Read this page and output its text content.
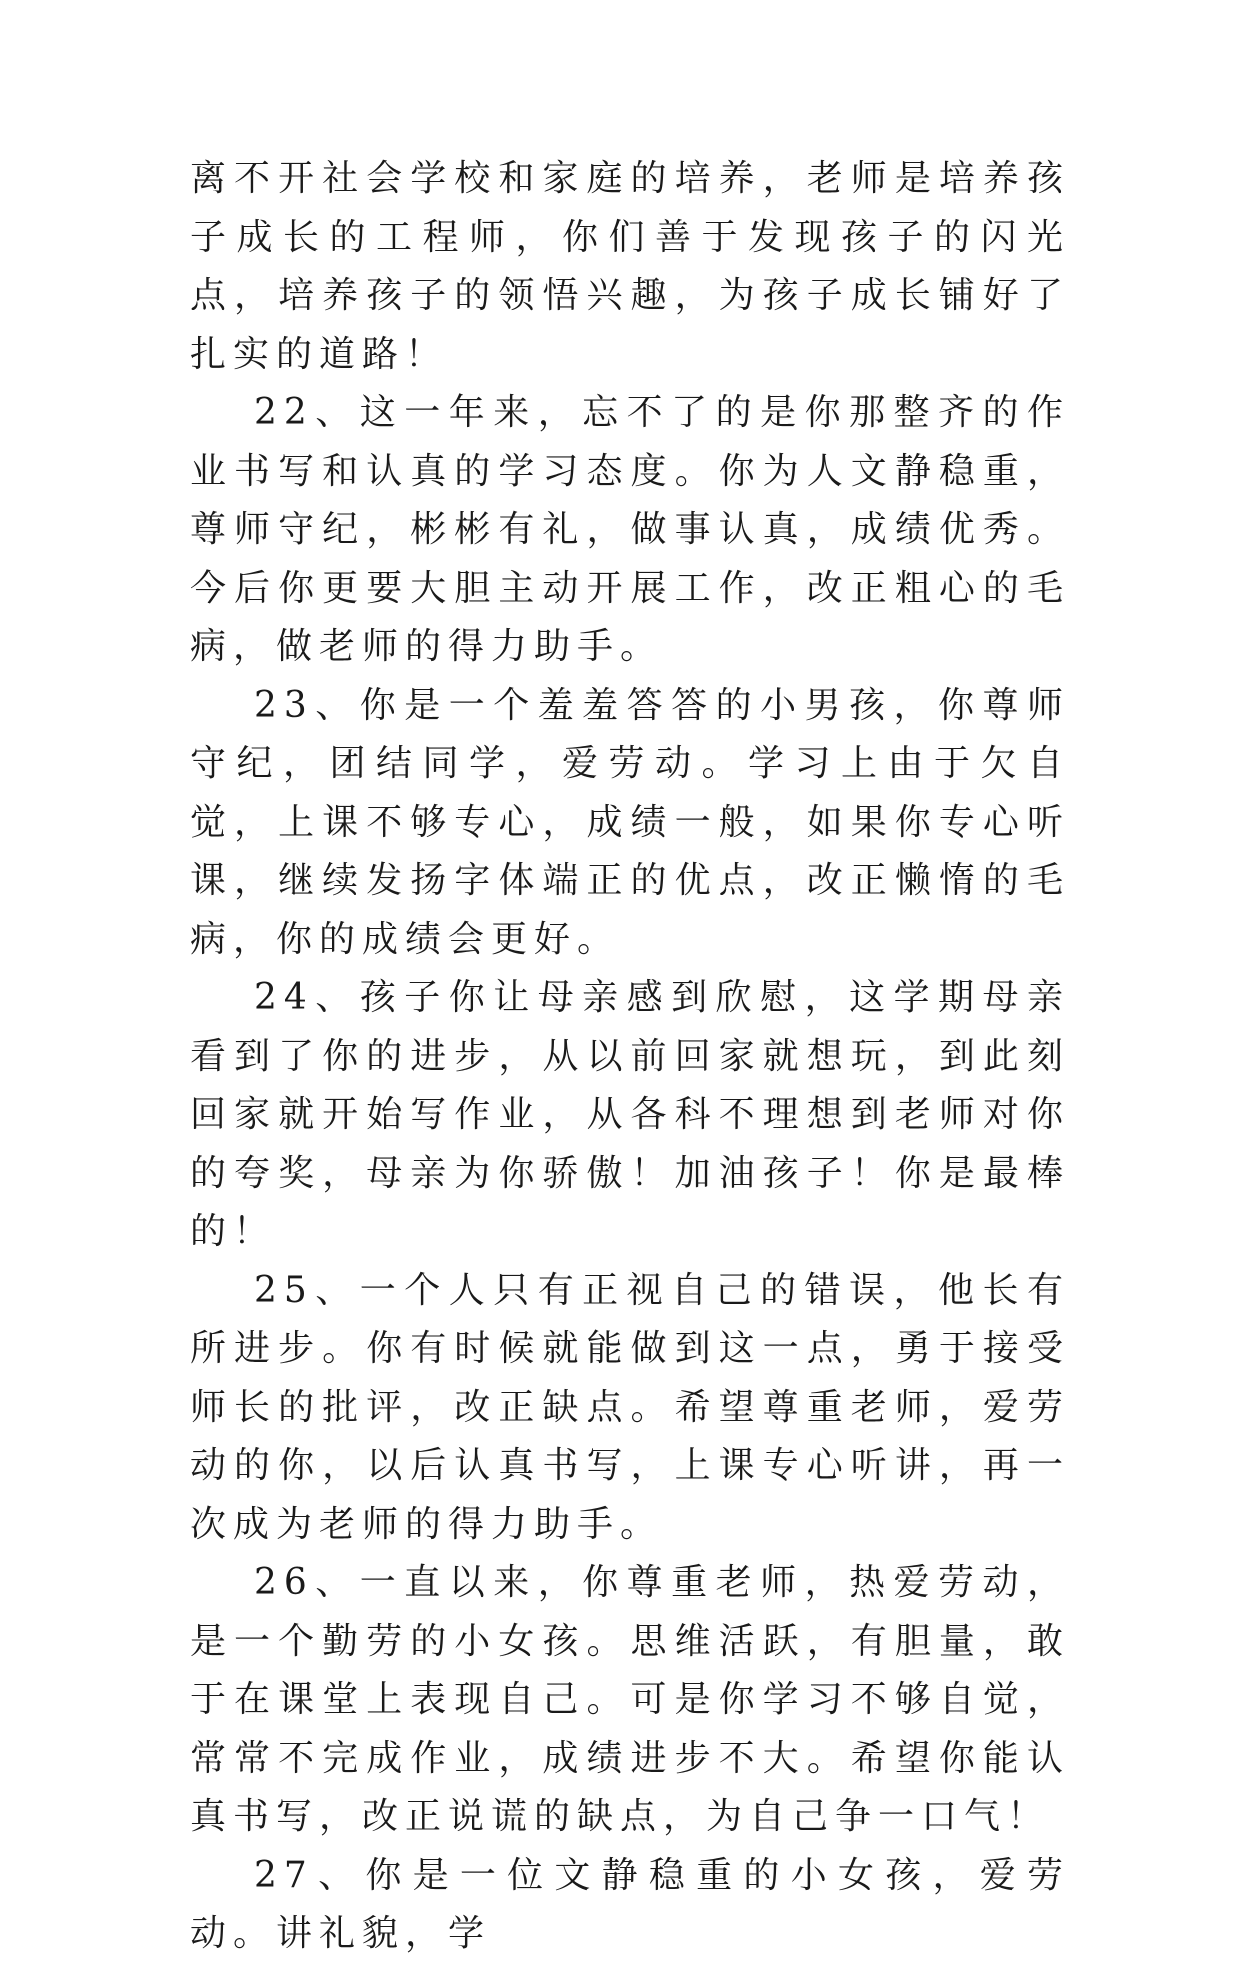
离不开社会学校和家庭的培养，老师是培养孩子成长的工程师，你们善于发现孩子的闪光点，培养孩子的领悟兴趣，为孩子成长铺好了扎实的道路！

22、这一年来，忘不了的是你那整齐的作业书写和认真的学习态度。你为人文静稳重，尊师守纪，彬彬有礼，做事认真，成绩优秀。今后你更要大胆主动开展工作，改正粗心的毛病，做老师的得力助手。

23、你是一个羞羞答答的小男孩，你尊师守纪，团结同学，爱劳动。学习上由于欠自觉，上课不够专心，成绩一般，如果你专心听课，继续发扬字体端正的优点，改正懒惰的毛病，你的成绩会更好。

24、孩子你让母亲感到欣慰，这学期母亲看到了你的进步，从以前回家就想玩，到此刻回家就开始写作业，从各科不理想到老师对你的夸奖，母亲为你骄傲！加油孩子！你是最棒的！

25、一个人只有正视自己的错误，他长有所进步。你有时候就能做到这一点，勇于接受师长的批评，改正缺点。希望尊重老师，爱劳动的你，以后认真书写，上课专心听讲，再一次成为老师的得力助手。

26、一直以来，你尊重老师，热爱劳动，是一个勤劳的小女孩。思维活跃，有胆量，敢于在课堂上表现自己。可是你学习不够自觉，常常不完成作业，成绩进步不大。希望你能认真书写，改正说谎的缺点，为自己争一口气！

27、你是一位文静稳重的小女孩，爱劳动。讲礼貌，学
